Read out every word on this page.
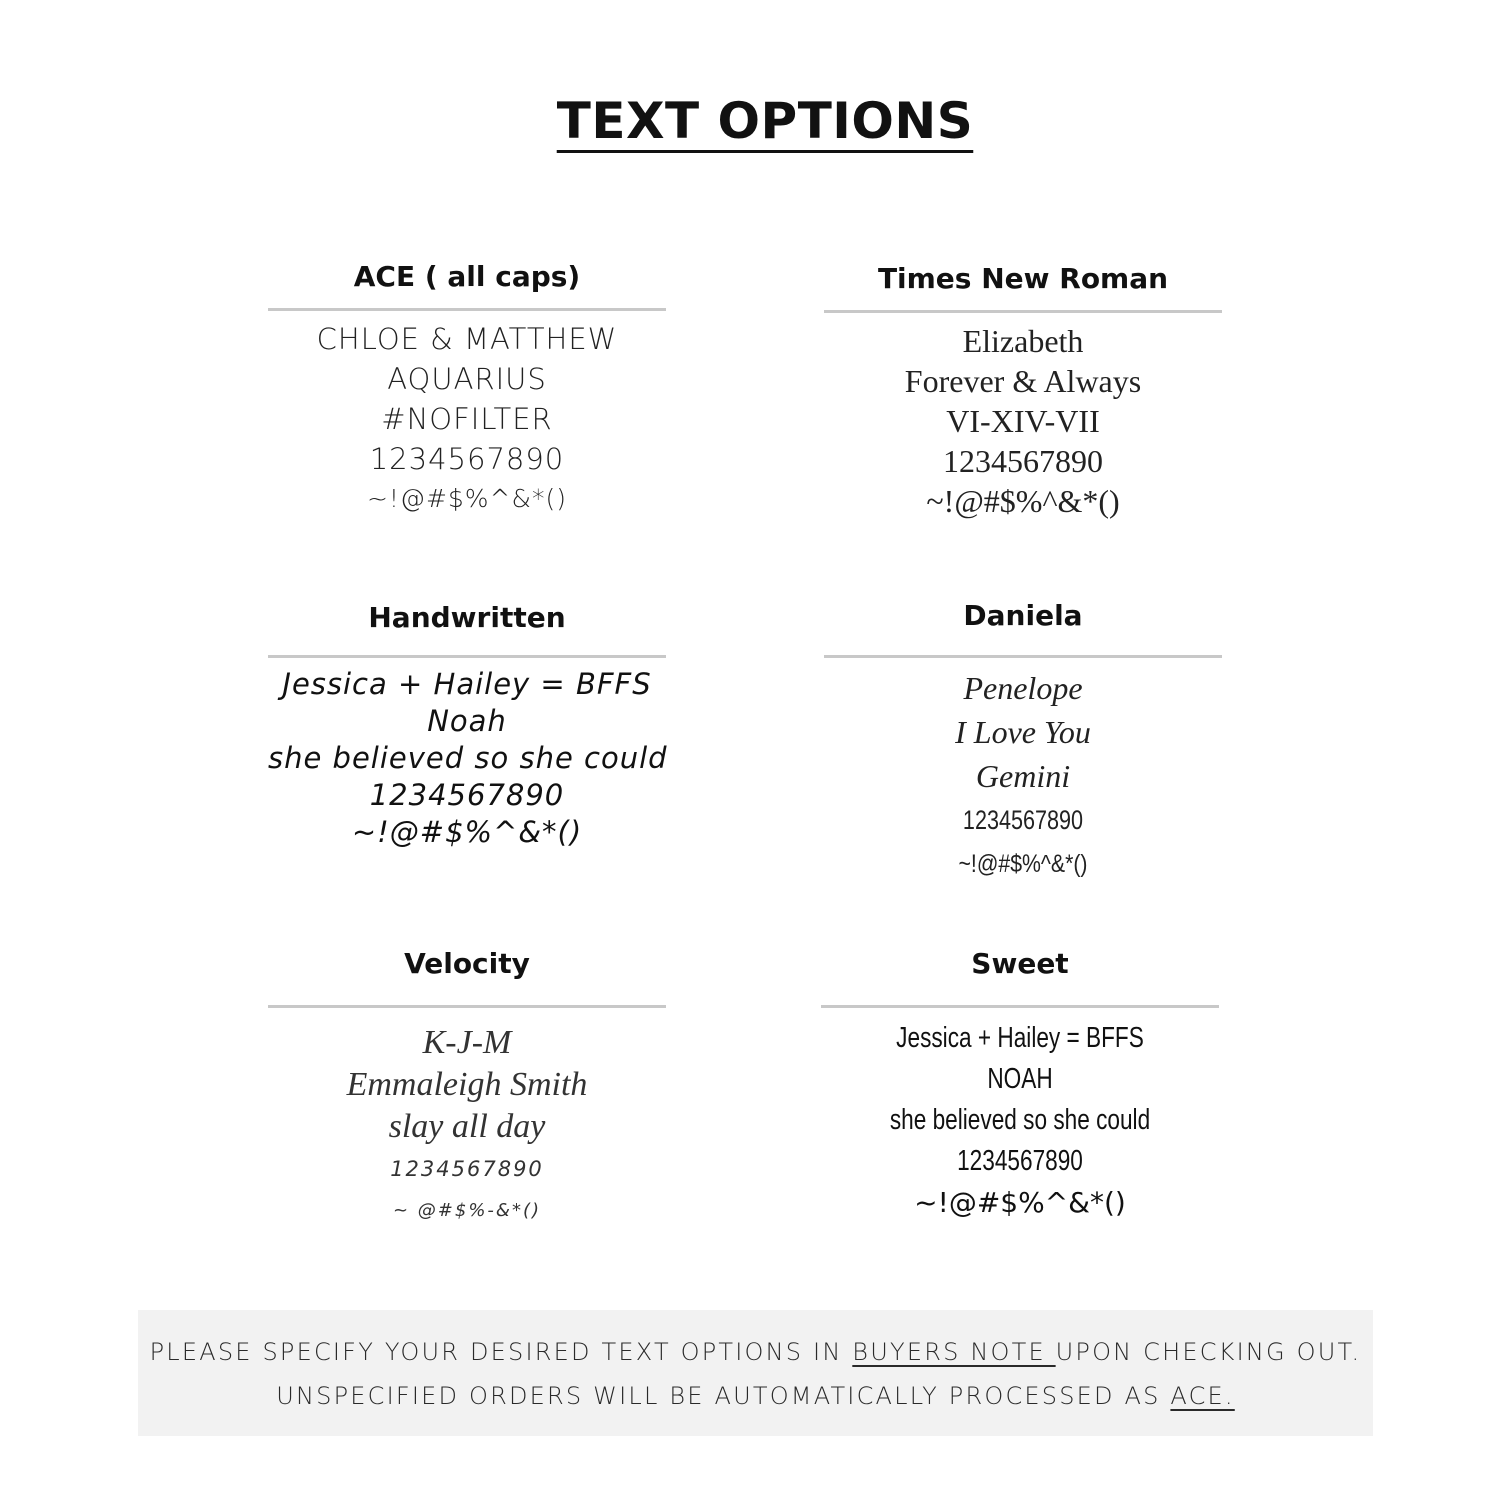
TEXT OPTIONS
ACE ( all caps)
CHLOE & MATTHEW
AQUARIUS
#NOFILTER
1234567890
~!@#$%^&*()
Times New Roman
Elizabeth
Forever & Always
VI-XIV-VII
1234567890
~!@#$%^&*()
Handwritten
Jessica + Hailey = BFFS
Noah
she believed so she could
1234567890
~!@#$%^&*()
Daniela
Penelope
I Love You
Gemini
1234567890
~!@#$%^&*()
Velocity
K-J-M
Emmaleigh Smith
slay all day
1234567890
~ @#$%-&*()
Sweet
Jessica + Hailey = BFFS
NOAH
she believed so she could
1234567890
~!@#$%^&*()
PLEASE SPECIFY YOUR DESIRED TEXT OPTIONS IN BUYERS NOTE UPON CHECKING OUT.
UNSPECIFIED ORDERS WILL BE AUTOMATICALLY PROCESSED AS ACE.
